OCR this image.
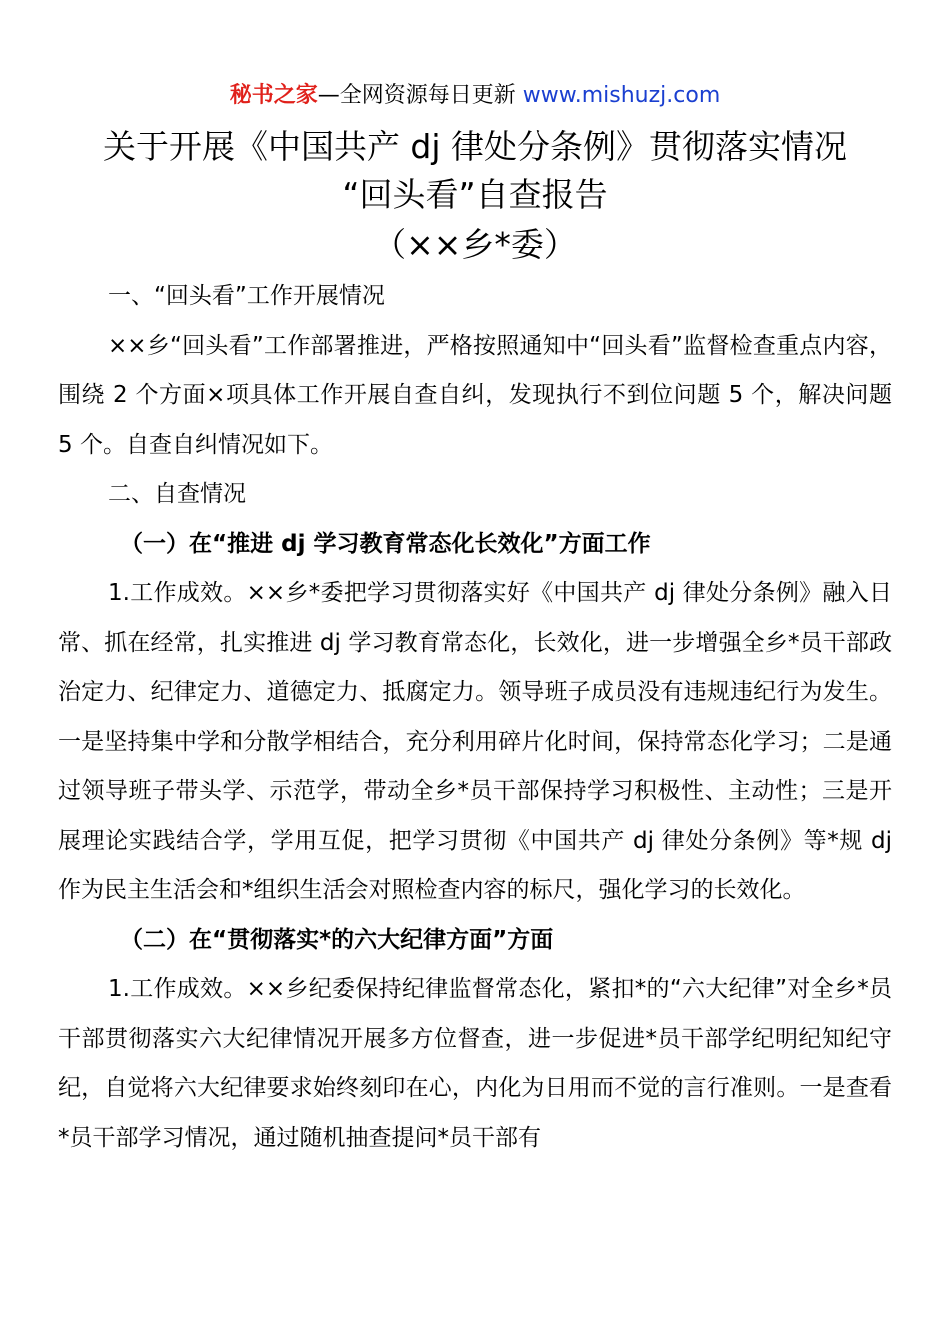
秘书之家—全网资源每日更新 www.mishuzj.com
关于开展《中国共产 dj 律处分条例》贯彻落实情况
“回头看”自查报告
（××乡*委）

一、“回头看”工作开展情况

××乡“回头看”工作部署推进，严格按照通知中“回头看”监督检查重点内容，围绕 2 个方面×项具体工作开展自查自纠，发现执行不到位问题 5 个，解决问题 5 个。自查自纠情况如下。

二、自查情况

（一）在“推进 dj 学习教育常态化长效化”方面工作

1.工作成效。××乡*委把学习贯彻落实好《中国共产 dj 律处分条例》融入日常、抓在经常，扎实推进 dj 学习教育常态化，长效化，进一步增强全乡*员干部政治定力、纪律定力、道德定力、抵腐定力。领导班子成员没有违规违纪行为发生。一是坚持集中学和分散学相结合，充分利用碎片化时间，保持常态化学习；二是通过领导班子带头学、示范学，带动全乡*员干部保持学习积极性、主动性；三是开展理论实践结合学，学用互促，把学习贯彻《中国共产 dj 律处分条例》等*规 dj 作为民主生活会和*组织生活会对照检查内容的标尺，强化学习的长效化。

（二）在“贯彻落实*的六大纪律方面”方面

1.工作成效。××乡纪委保持纪律监督常态化，紧扣*的“六大纪律”对全乡*员干部贯彻落实六大纪律情况开展多方位督查，进一步促进*员干部学纪明纪知纪守纪，自觉将六大纪律要求始终刻印在心，内化为日用而不觉的言行准则。一是查看*员干部学习情况，通过随机抽查提问*员干部有
